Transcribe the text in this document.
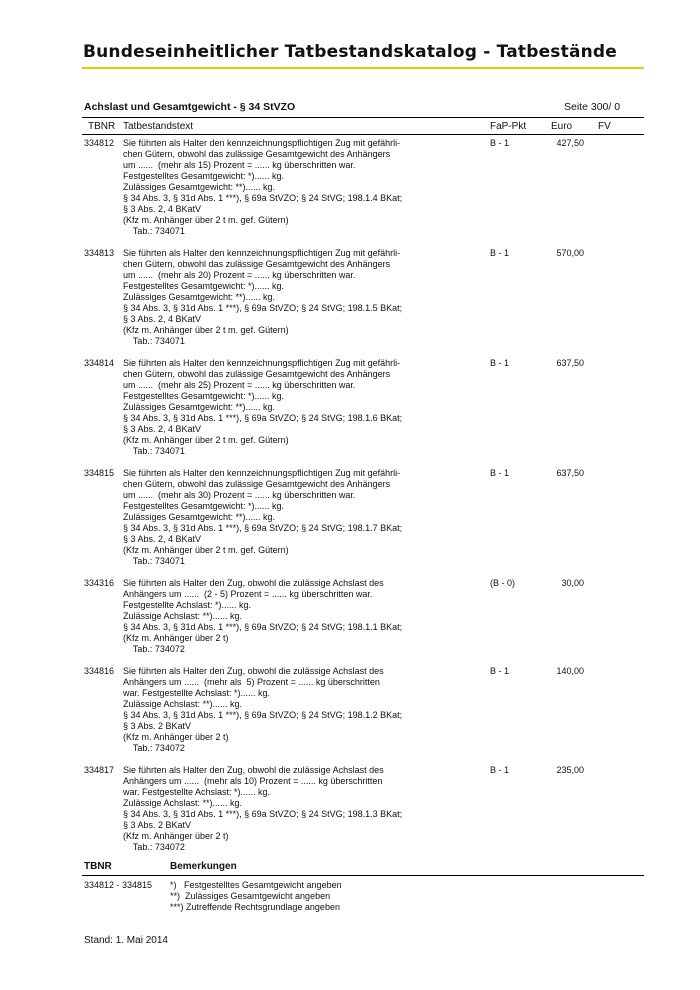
Bundeseinheitlicher Tatbestandskatalog - Tatbestände
Achslast und Gesamtgewicht - § 34 StVZO	Seite 300/ 0
TBNR Tatbestandstext	FaP-Pkt Euro	FV
334812 Sie führten als Halter den kennzeichnungspflichtigen Zug mit gefährli-
chen Gütern, obwohl das zulässige Gesamtgewicht des Anhängers
um ......  (mehr als 15) Prozent = ...... kg überschritten war.
Festgestelltes Gesamtgewicht: *)...... kg.
Zulässiges Gesamtgewicht: **)...... kg.
§ 34 Abs. 3, § 31d Abs. 1 ***), § 69a StVZO; § 24 StVG; 198.1.4 BKat;
§ 3 Abs. 2, 4 BKatV
(Kfz m. Anhänger über 2 t m. gef. Gütern)
Tab.: 734071
B - 1	427,50
334813 Sie führten als Halter den kennzeichnungspflichtigen Zug mit gefährli-
chen Gütern, obwohl das zulässige Gesamtgewicht des Anhängers
um ......  (mehr als 20) Prozent = ...... kg überschritten war.
Festgestelltes Gesamtgewicht: *)...... kg.
Zulässiges Gesamtgewicht: **)...... kg.
§ 34 Abs. 3, § 31d Abs. 1 ***), § 69a StVZO; § 24 StVG; 198.1.5 BKat;
§ 3 Abs. 2, 4 BKatV
(Kfz m. Anhänger über 2 t m. gef. Gütern)
Tab.: 734071
B - 1	570,00
334814 Sie führten als Halter den kennzeichnungspflichtigen Zug mit gefährli-
chen Gütern, obwohl das zulässige Gesamtgewicht des Anhängers
um ......  (mehr als 25) Prozent = ...... kg überschritten war.
Festgestelltes Gesamtgewicht: *)...... kg.
Zulässiges Gesamtgewicht: **)...... kg.
§ 34 Abs. 3, § 31d Abs. 1 ***), § 69a StVZO; § 24 StVG; 198.1.6 BKat;
§ 3 Abs. 2, 4 BKatV
(Kfz m. Anhänger über 2 t m. gef. Gütern)
Tab.: 734071
B - 1	637,50
334815 Sie führten als Halter den kennzeichnungspflichtigen Zug mit gefährli-
chen Gütern, obwohl das zulässige Gesamtgewicht des Anhängers
um ......  (mehr als 30) Prozent = ...... kg überschritten war.
Festgestelltes Gesamtgewicht: *)...... kg.
Zulässiges Gesamtgewicht: **)...... kg.
§ 34 Abs. 3, § 31d Abs. 1 ***), § 69a StVZO; § 24 StVG; 198.1.7 BKat;
§ 3 Abs. 2, 4 BKatV
(Kfz m. Anhänger über 2 t m. gef. Gütern)
Tab.: 734071
B - 1	637,50
334316 Sie führten als Halter den Zug, obwohl die zulässige Achslast des
Anhängers um ......  (2 - 5) Prozent = ...... kg überschritten war.
Festgestellte Achslast: *)...... kg.
Zulässige Achslast: **)...... kg.
§ 34 Abs. 3, § 31d Abs. 1 ***), § 69a StVZO; § 24 StVG; 198.1.1 BKat;
(Kfz m. Anhänger über 2 t)
Tab.: 734072
(B - 0)	30,00
334816 Sie führten als Halter den Zug, obwohl die zulässige Achslast des
Anhängers um ......  (mehr als  5) Prozent = ...... kg überschritten
war. Festgestellte Achslast: *)...... kg.
Zulässige Achslast: **)...... kg.
§ 34 Abs. 3, § 31d Abs. 1 ***), § 69a StVZO; § 24 StVG; 198.1.2 BKat;
§ 3 Abs. 2 BKatV
(Kfz m. Anhänger über 2 t)
Tab.: 734072
B - 1	140,00
334817 Sie führten als Halter den Zug, obwohl die zulässige Achslast des
Anhängers um ......  (mehr als 10) Prozent = ...... kg überschritten
war. Festgestellte Achslast: *)...... kg.
Zulässige Achslast: **)...... kg.
§ 34 Abs. 3, § 31d Abs. 1 ***), § 69a StVZO; § 24 StVG; 198.1.3 BKat;
§ 3 Abs. 2 BKatV
(Kfz m. Anhänger über 2 t)
Tab.: 734072
B - 1	235,00
TBNR	Bemerkungen
334812 - 334815 *)   Festgestelltes Gesamtgewicht angeben
**)  Zulässiges Gesamtgewicht angeben
***) Zutreffende Rechtsgrundlage angeben
Stand: 1. Mai 2014
